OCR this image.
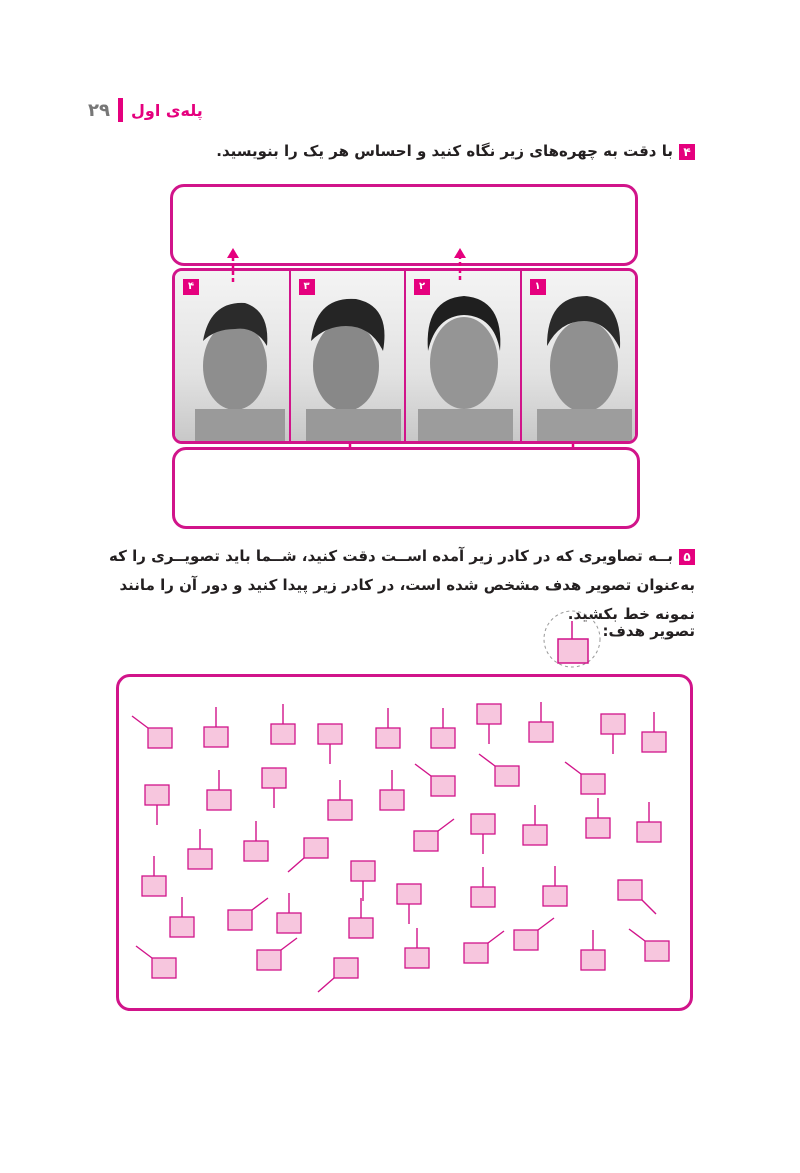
۲۹ پله‌ی اول
۴با دقت به چهره‌های زیر نگاه کنید و احساس هر یک را بنویسید.
۴	۳	۲	۱
۵بــه تصاویری که در کادر زیر آمده اســت دقت کنید، شــما باید تصویــری را که به‌عنوان تصویر هدف مشخص شده است، در کادر زیر پیدا کنید و دور آن را مانند نمونه خط بکشید.
تصویر هدف:
